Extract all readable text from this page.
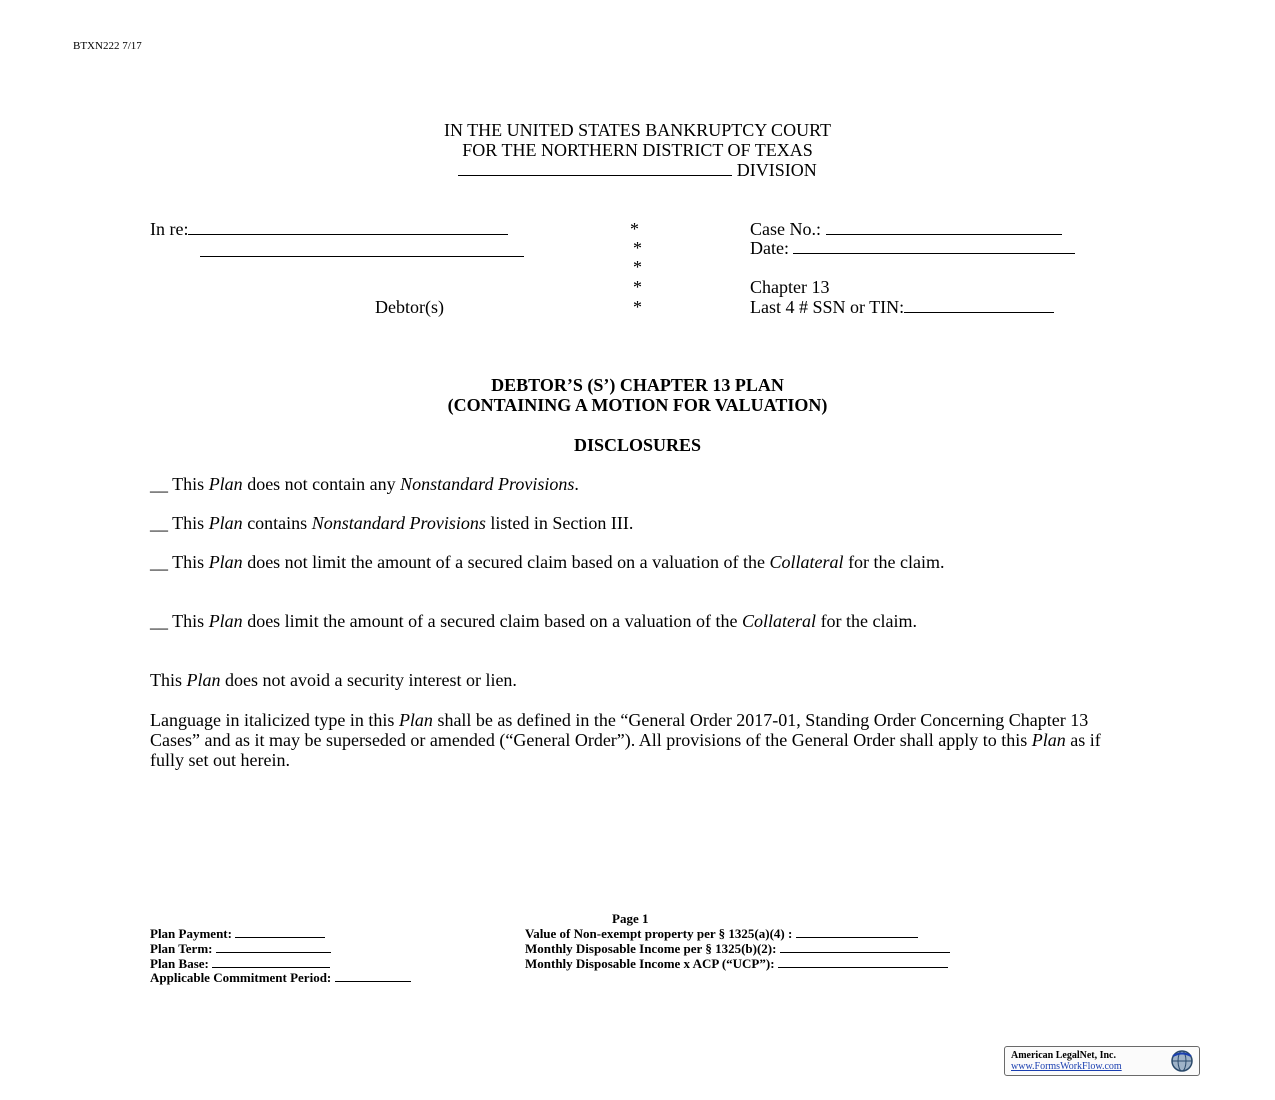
BTXN222 7/17
IN THE UNITED STATES BANKRUPTCY COURT
FOR THE NORTHERN DISTRICT OF TEXAS
DIVISION
In re:
Debtor(s)
*
*
*
*
*
Case No.:
Date:
Chapter 13
Last 4 # SSN or TIN:
DEBTOR’S (S’) CHAPTER 13 PLAN
(CONTAINING A MOTION FOR VALUATION)
DISCLOSURES
__ This Plan does not contain any Nonstandard Provisions.
__ This Plan contains Nonstandard Provisions listed in Section III.
__ This Plan does not limit the amount of a secured claim based on a valuation of the Collateral for the claim.
__ This Plan does limit the amount of a secured claim based on a valuation of the Collateral for the claim.
This Plan does not avoid a security interest or lien.
Language in italicized type in this Plan shall be as defined in the “General Order 2017-01, Standing Order Concerning Chapter 13 Cases” and as it may be superseded or amended (“General Order”). All provisions of the General Order shall apply to this Plan as if fully set out herein.
Page 1
Plan Payment:
Plan Term:
Plan Base:
Applicable Commitment Period:
Value of Non-exempt property per § 1325(a)(4) :
Monthly Disposable Income per § 1325(b)(2):
Monthly Disposable Income x ACP (“UCP”):
American LegalNet, Inc.
www.FormsWorkFlow.com
